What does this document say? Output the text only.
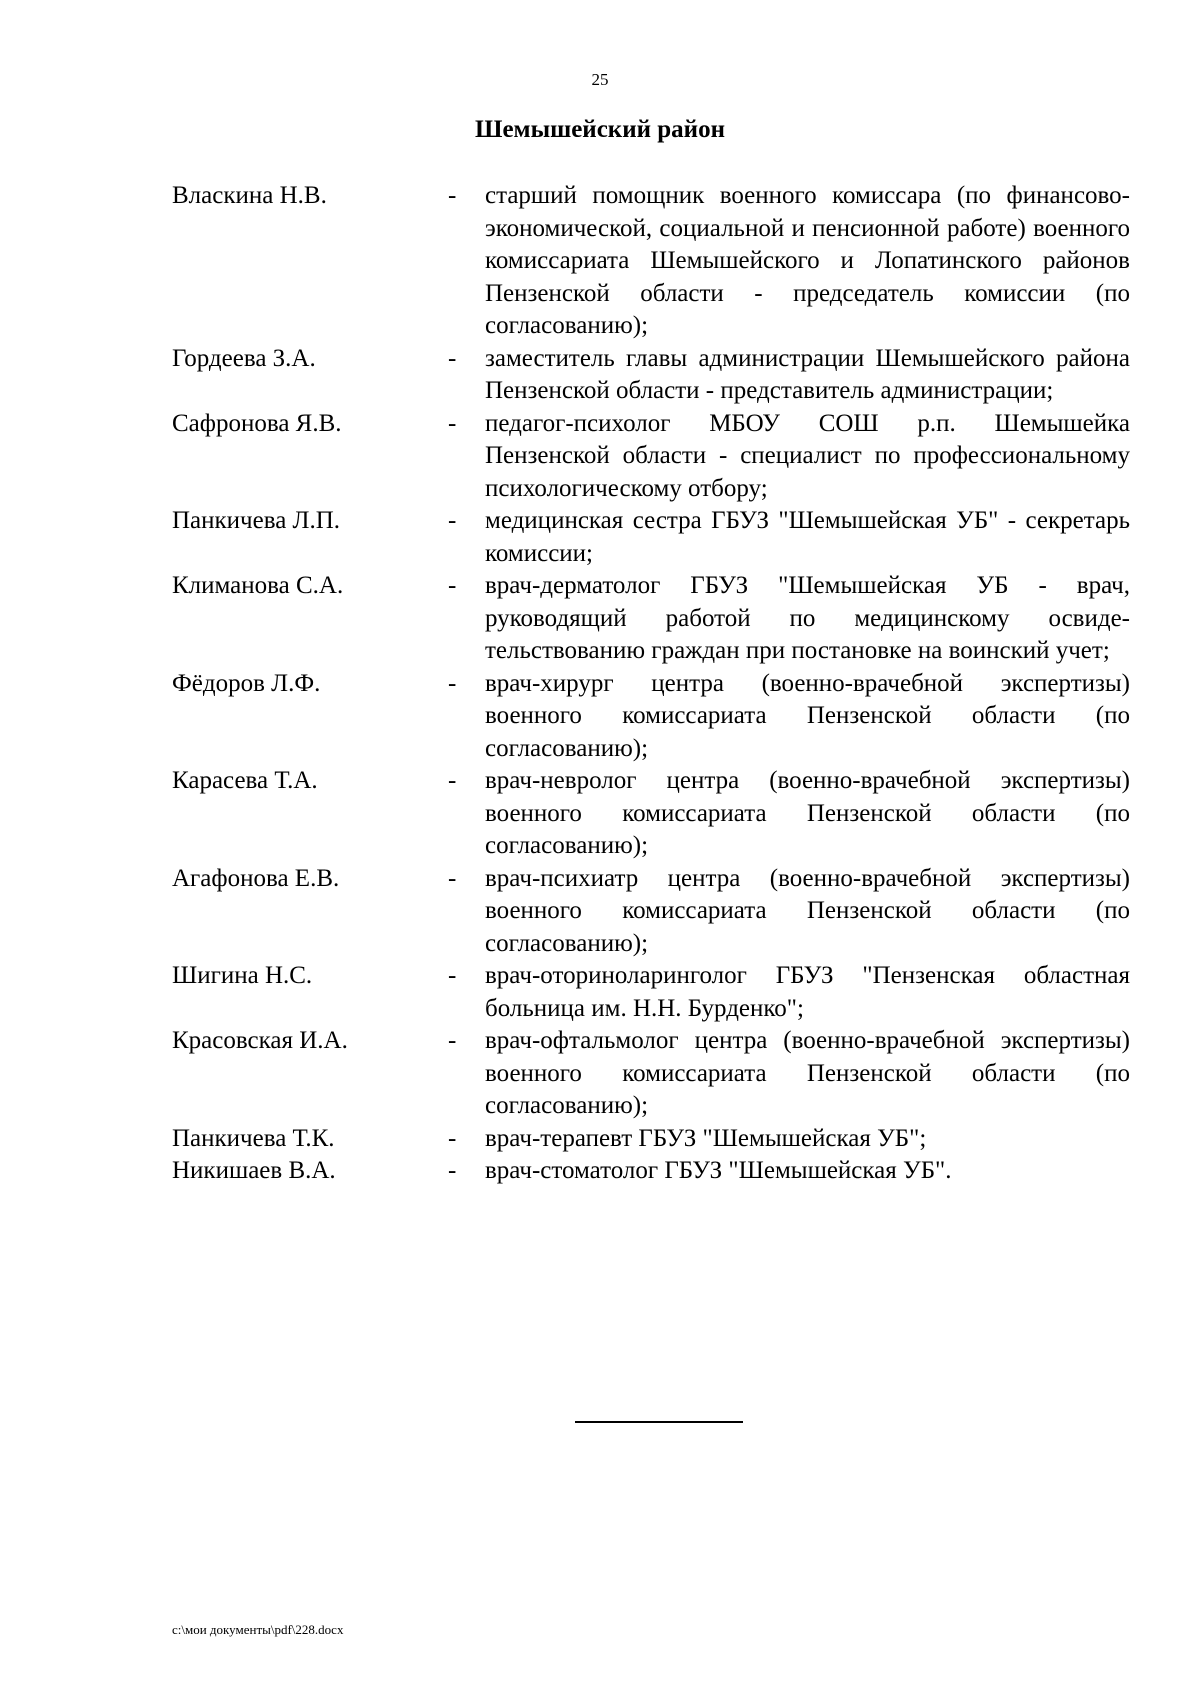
25
Шемышейский район
Власкина Н.В.	-	старший помощник военного комиссара (по финансово-экономической, социальной и пенсионной работе) военного комиссариата Шемышейского и Лопатинского районов Пензенской области - председатель комиссии (по согласованию);
Гордеева З.А.	-	заместитель главы администрации Шемышейского района Пензенской области - представитель администрации;
Сафронова Я.В.	-	педагог-психолог МБОУ СОШ р.п. Шемышейка Пензенской области - специалист по профессиональному психологическому отбору;
Панкичева Л.П.	-	медицинская сестра ГБУЗ "Шемышейская УБ" - секретарь комиссии;
Климанова С.А.	-	врач-дерматолог ГБУЗ "Шемышейская УБ - врач, руководящий работой по медицинскому освидетельствованию граждан при постановке на воинский учет;
Фёдоров Л.Ф.	-	врач-хирург центра (военно-врачебной экспертизы) военного комиссариата Пензенской области (по согласованию);
Карасева Т.А.	-	врач-невролог центра (военно-врачебной экспертизы) военного комиссариата Пензенской области (по согласованию);
Агафонова Е.В.	-	врач-психиатр центра (военно-врачебной экспертизы) военного комиссариата Пензенской области (по согласованию);
Шигина Н.С.	-	врач-оториноларинголог ГБУЗ "Пензенская областная больница им. Н.Н. Бурденко";
Красовская И.А.	-	врач-офтальмолог центра (военно-врачебной экспертизы) военного комиссариата Пензенской области (по согласованию);
Панкичева Т.К.	-	врач-терапевт ГБУЗ "Шемышейская УБ";
Никишаев В.А.	-	врач-стоматолог ГБУЗ "Шемышейская УБ".
c:\мои документы\pdf\228.docx
